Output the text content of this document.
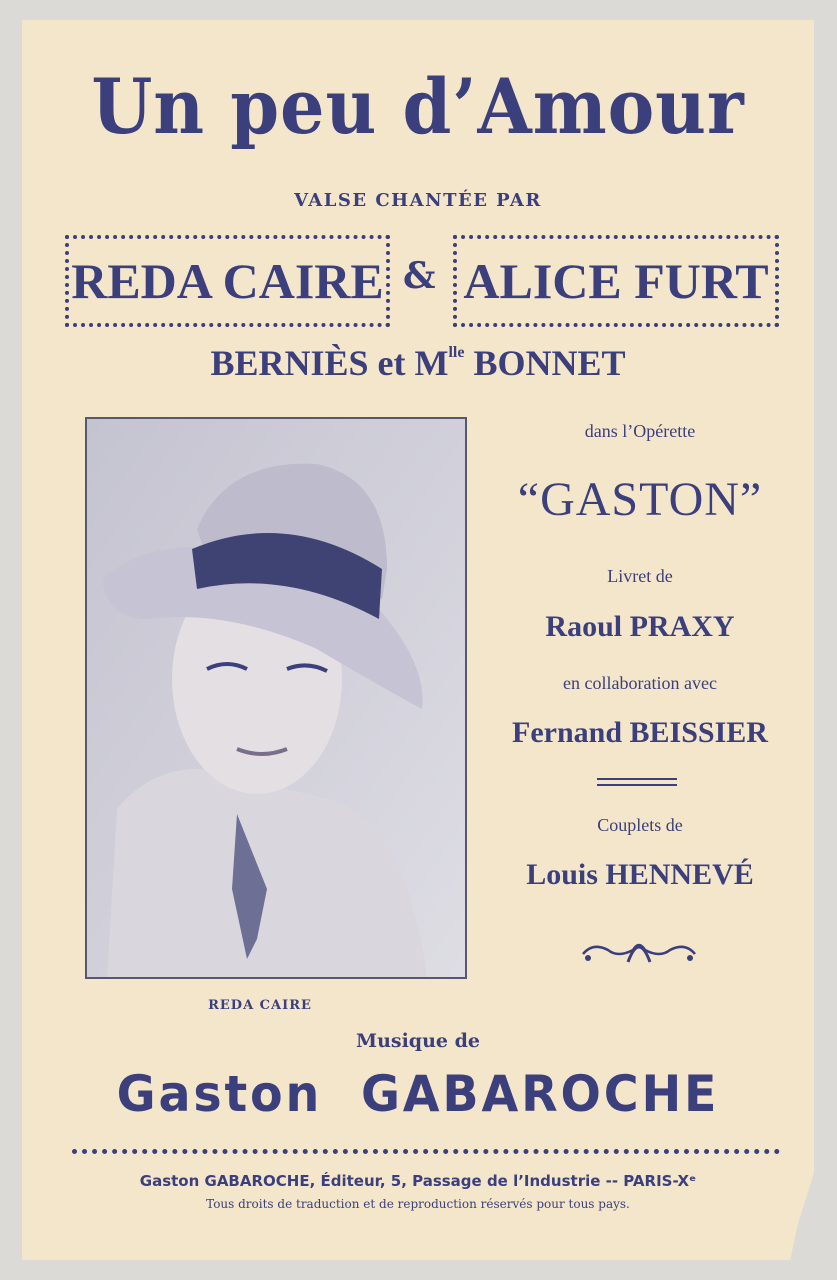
Un peu d’Amour
VALSE CHANTÉE PAR
REDA CAIRE & ALICE FURT
BERNIÈS et $M^{lle}$ BONNET
REDA CAIRE
dans l’Opérette
“GASTON”
Livret de
Raoul PRAXY
en collaboration avec
Fernand BEISSIER
Couplets de
Louis HENNEVÉ
Musique de
Gaston  GABAROCHE
Gaston GABAROCHE, Éditeur, 5, Passage de l’Industrie -- PARIS-Xᵉ
Tous droits de traduction et de reproduction réservés pour tous pays.
